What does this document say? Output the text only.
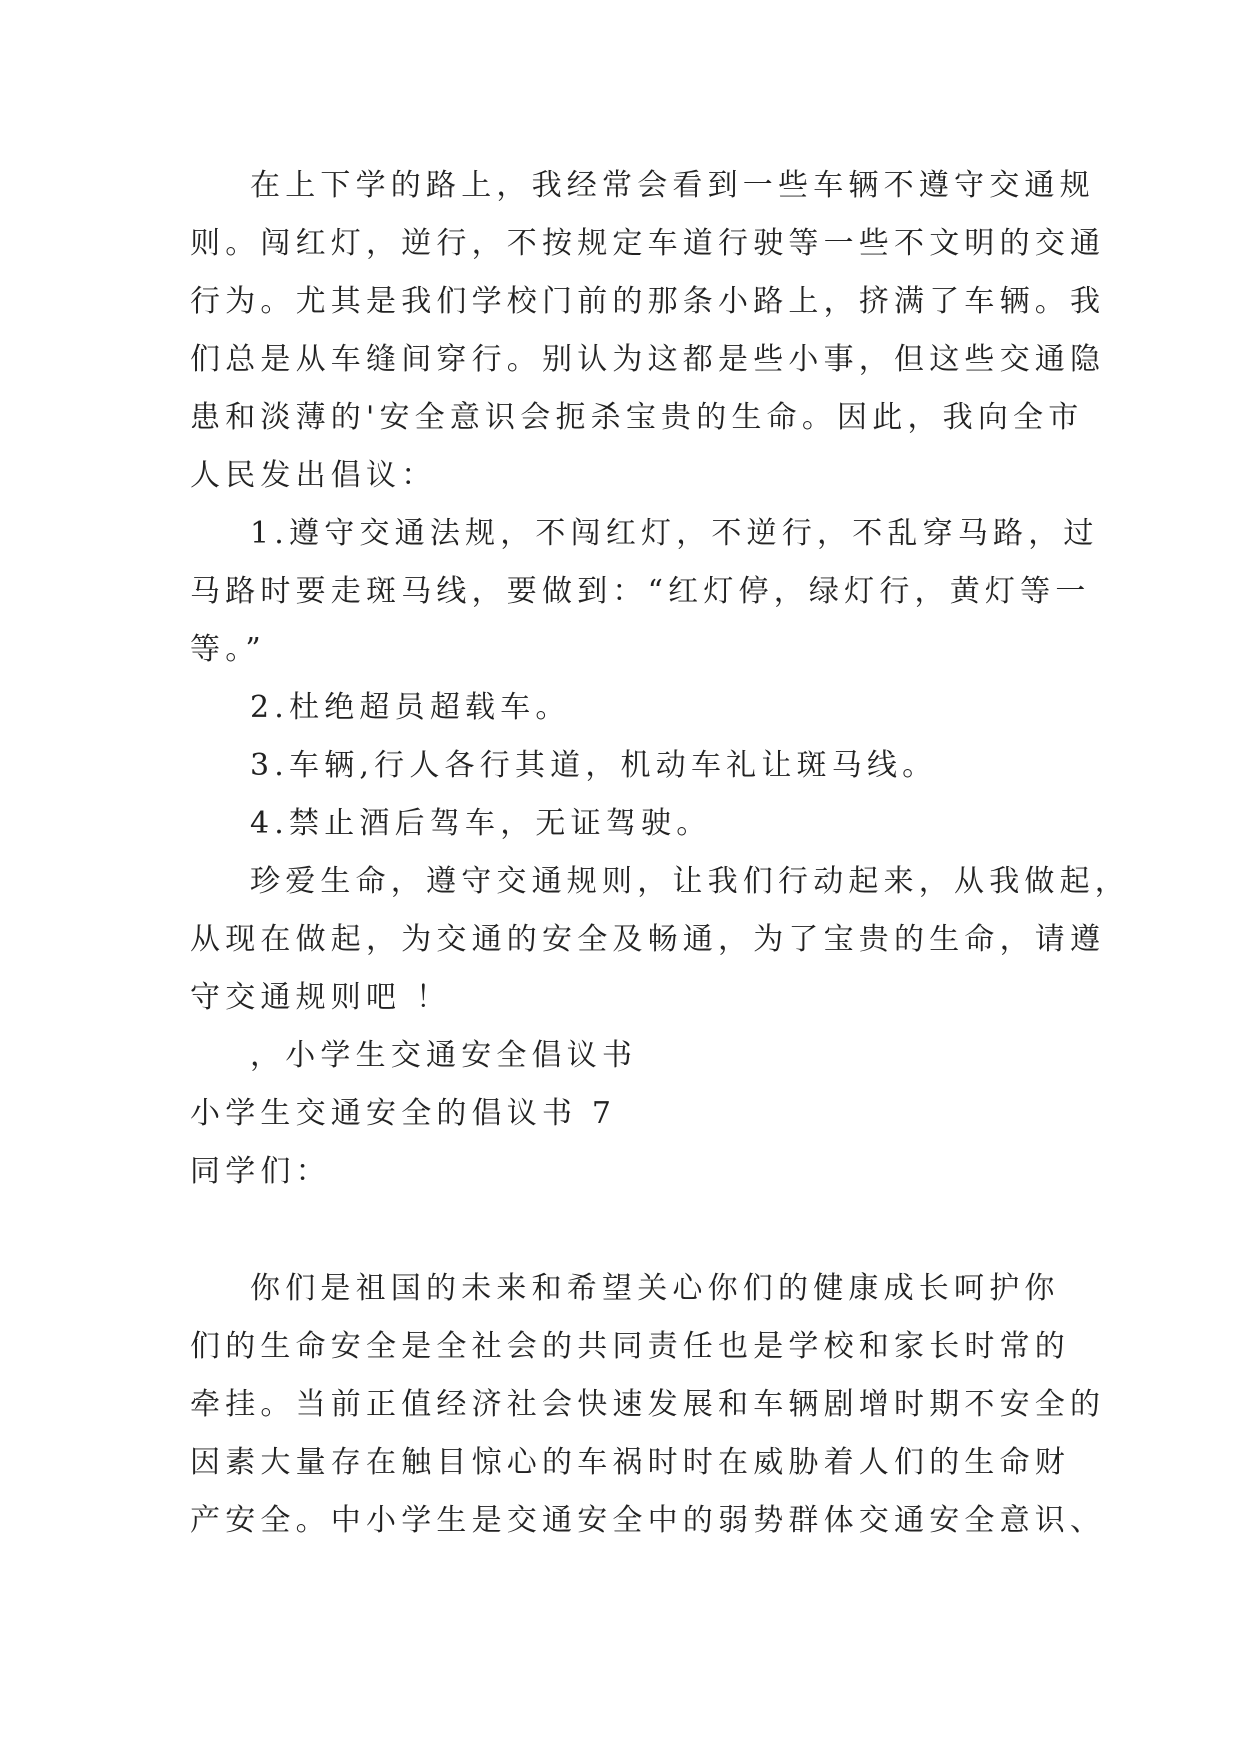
在上下学的路上，我经常会看到一些车辆不遵守交通规
则。闯红灯，逆行，不按规定车道行驶等一些不文明的交通
行为。尤其是我们学校门前的那条小路上，挤满了车辆。我
们总是从车缝间穿行。别认为这都是些小事，但这些交通隐
患和淡薄的'安全意识会扼杀宝贵的生命。因此，我向全市
人民发出倡议：
1.遵守交通法规，不闯红灯，不逆行，不乱穿马路，过
马路时要走斑马线，要做到：“红灯停，绿灯行，黄灯等一
等。”
2.杜绝超员超载车。
3.车辆,行人各行其道，机动车礼让斑马线。
4.禁止酒后驾车，无证驾驶。
珍爱生命，遵守交通规则，让我们行动起来，从我做起，
从现在做起，为交通的安全及畅通，为了宝贵的生命，请遵
守交通规则吧 ！
，小学生交通安全倡议书
小学生交通安全的倡议书 7
同学们：
你们是祖国的未来和希望关心你们的健康成长呵护你
们的生命安全是全社会的共同责任也是学校和家长时常的
牵挂。当前正值经济社会快速发展和车辆剧增时期不安全的
因素大量存在触目惊心的车祸时时在威胁着人们的生命财
产安全。中小学生是交通安全中的弱势群体交通安全意识、
